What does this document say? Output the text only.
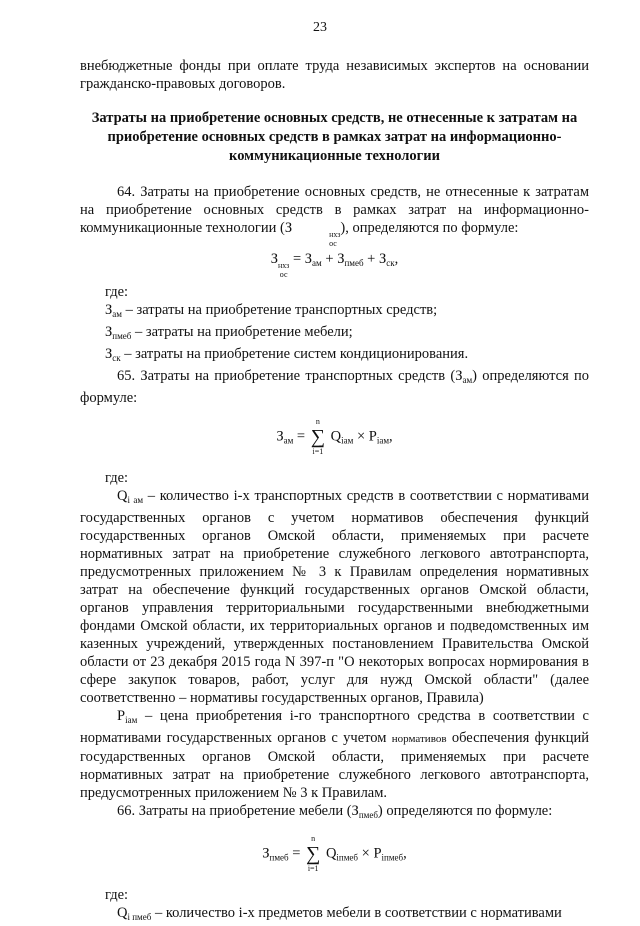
23

внебюджетные фонды при оплате труда независимых экспертов на основании гражданско-правовых договоров.

Затраты на приобретение основных средств, не отнесенные к затратам на приобретение основных средств в рамках затрат на информационно-коммуникационные технологии

64. Затраты на приобретение основных средств, не отнесенные к затратам на приобретение основных средств в рамках затрат на информационно-коммуникационные технологии (З	нхз
ос
), определяются по формуле:

З нхз
ос
= $З_{ам} + З_{пмеб} + З_{ск}$,

где:

$З_{ам}$ – затраты на приобретение транспортных средств;

$З_{пмеб}$ – затраты на приобретение мебели;

$З_{ск}$ – затраты на приобретение систем кондиционирования.

65. Затраты на приобретение транспортных средств $(З_{ам})$ определяются по формуле:

$З_{ам}$ =
n
∑
i=1
$Q_{iам} \times P_{iам}$,

где:

$Q_{i ам}$ – количество i-х транспортных средств в соответствии с нормативами государственных органов с учетом нормативов обеспечения функций государственных органов Омской области, применяемых при расчете нормативных затрат на приобретение служебного легкового автотранспорта, предусмотренных приложением № 3 к Правилам определения нормативных затрат на обеспечение функций государственных органов Омской области, органов управления территориальными государственными внебюджетными фондами Омской области, их территориальных органов и подведомственных им казенных учреждений, утвержденных постановлением Правительства Омской области от 23 декабря 2015 года N 397-п "О некоторых вопросах нормирования в сфере закупок товаров, работ, услуг для нужд Омской области" (далее соответственно – нормативы государственных органов, Правила)

$P_{iам}$ – цена приобретения i-го транспортного средства в соответствии с нормативами государственных органов с учетом нормативов обеспечения функций государственных органов Омской области, применяемых при расчете нормативных затрат на приобретение служебного легкового автотранспорта, предусмотренных приложением № 3 к Правилам.

66. Затраты на приобретение мебели $(З_{пмеб})$ определяются по формуле:

$З_{пмеб}$ =
n
∑
i=1
$Q_{iпмеб} \times P_{iпмеб}$,

где:

$Q_{i пмеб}$ – количество i-х предметов мебели в соответствии с нормативами
